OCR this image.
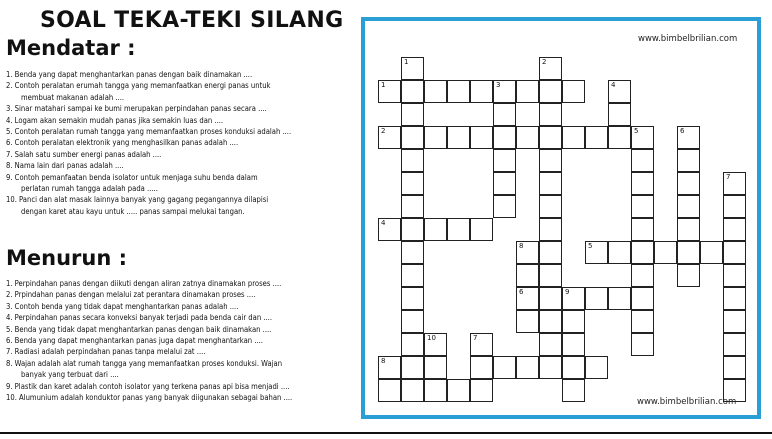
SOAL TEKA-TEKI SILANG
Mendatar :
1. Benda yang dapat menghantarkan panas dengan baik dinamakan ....
2. Contoh peralatan erumah tangga yang memanfaatkan energi panas untuk
membuat makanan adalah ....
3. Sinar matahari sampai ke bumi merupakan perpindahan panas secara ....
4. Logam akan semakin mudah panas jika semakin luas dan ....
5. Contoh peralatan rumah tangga yang memanfaatkan proses konduksi adalah ....
6. Contoh peralatan elektronik yang menghasilkan panas adalah ....
7. Salah satu sumber energi panas adalah ....
8. Nama lain dari panas adalah ....
9. Contoh pemanfaatan benda isolator untuk menjaga suhu benda dalam
perlatan rumah tangga adalah pada .....
10. Panci dan alat masak lainnya banyak yang gagang pegangannya dilapisi
dengan karet atau kayu untuk ..... panas sampai melukai tangan.
Menurun :
1. Perpindahan panas dengan diikuti dengan aliran zatnya dinamakan proses ....
2. Prpindahan panas dengan melalui zat perantara dinamakan proses ....
3. Contoh benda yang tidak dapat menghantarkan panas adalah ....
4. Perpindahan panas secara konveksi banyak terjadi pada benda cair dan ....
5. Benda yang tidak dapat menghantarkan panas dengan baik dinamakan ....
6. Benda yang dapat menghantarkan panas juga dapat menghantarkan ....
7. Radiasi adalah perpindahan panas tanpa melalui zat ....
8. Wajan adalah alat rumah tangga yang memanfaatkan proses konduksi. Wajan
banyak yang terbuat dari ....
9. Plastik dan karet adalah contoh isolator yang terkena panas api bisa menjadi ....
10. Alumunium adalah konduktor panas yang banyak diigunakan sebagai bahan ....
www.bimbelbrilian.com
1	3
2
4
5
6	9
1	2
4
5	6
7
8
10	7
8
www.bimbelbrilian.com
